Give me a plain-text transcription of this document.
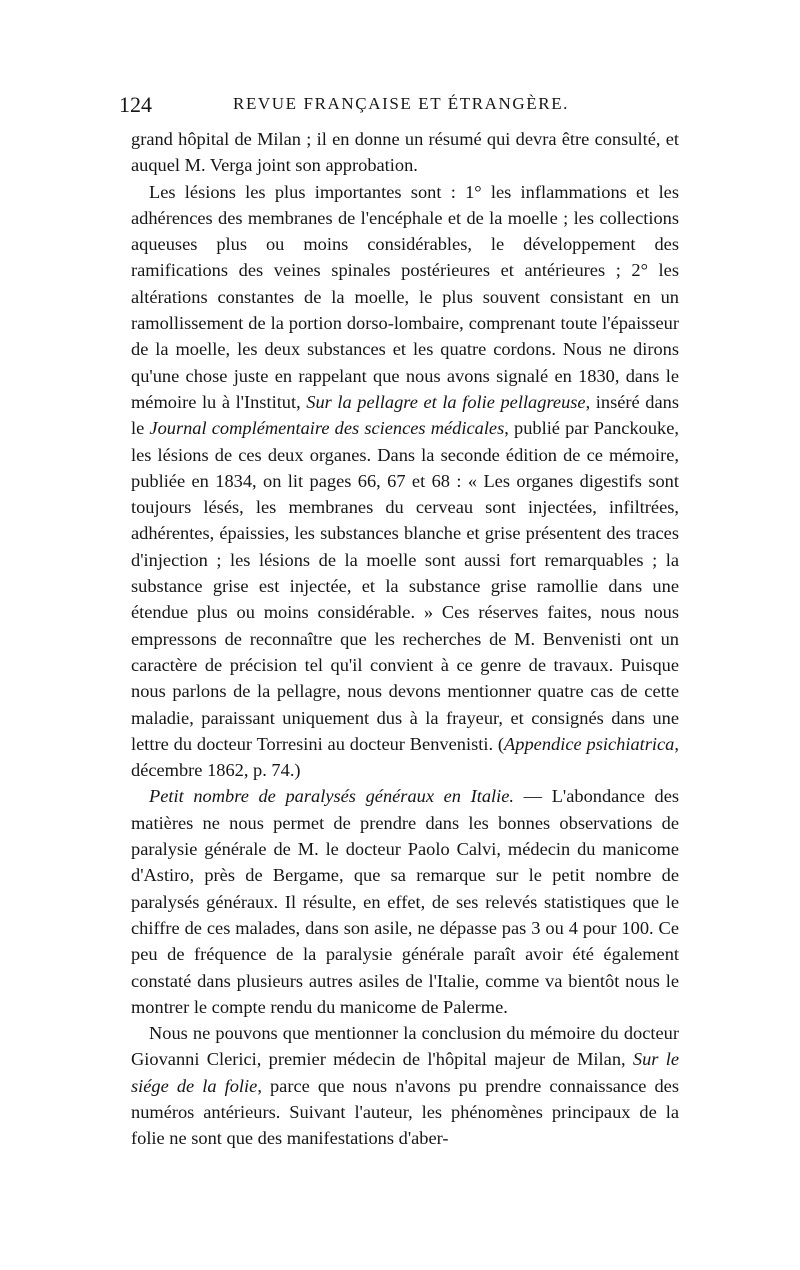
124	REVUE FRANÇAISE ET ÉTRANGÈRE.

grand hôpital de Milan ; il en donne un résumé qui devra être consulté, et auquel M. Verga joint son approbation.

Les lésions les plus importantes sont : 1° les inflammations et les adhérences des membranes de l'encéphale et de la moelle ; les collections aqueuses plus ou moins considérables, le développement des ramifications des veines spinales postérieures et antérieures ; 2° les altérations constantes de la moelle, le plus souvent consistant en un ramollissement de la portion dorso-lombaire, comprenant toute l'épaisseur de la moelle, les deux substances et les quatre cordons. Nous ne dirons qu'une chose juste en rappelant que nous avons signalé en 1830, dans le mémoire lu à l'Institut, Sur la pellagre et la folie pellagreuse, inséré dans le Journal complémentaire des sciences médicales, publié par Panckouke, les lésions de ces deux organes. Dans la seconde édition de ce mémoire, publiée en 1834, on lit pages 66, 67 et 68 : « Les organes digestifs sont toujours lésés, les membranes du cerveau sont injectées, infiltrées, adhérentes, épaissies, les substances blanche et grise présentent des traces d'injection ; les lésions de la moelle sont aussi fort remarquables ; la substance grise est injectée, et la substance grise ramollie dans une étendue plus ou moins considérable. » Ces réserves faites, nous nous empressons de reconnaître que les recherches de M. Benvenisti ont un caractère de précision tel qu'il convient à ce genre de travaux. Puisque nous parlons de la pellagre, nous devons mentionner quatre cas de cette maladie, paraissant uniquement dus à la frayeur, et consignés dans une lettre du docteur Torresini au docteur Benvenisti. (Appendice psichiatrica, décembre 1862, p. 74.)

Petit nombre de paralysés généraux en Italie. — L'abondance des matières ne nous permet de prendre dans les bonnes observations de paralysie générale de M. le docteur Paolo Calvi, médecin du manicome d'Astiro, près de Bergame, que sa remarque sur le petit nombre de paralysés généraux. Il résulte, en effet, de ses relevés statistiques que le chiffre de ces malades, dans son asile, ne dépasse pas 3 ou 4 pour 100. Ce peu de fréquence de la paralysie générale paraît avoir été également constaté dans plusieurs autres asiles de l'Italie, comme va bientôt nous le montrer le compte rendu du manicome de Palerme.

Nous ne pouvons que mentionner la conclusion du mémoire du docteur Giovanni Clerici, premier médecin de l'hôpital majeur de Milan, Sur le siége de la folie, parce que nous n'avons pu prendre connaissance des numéros antérieurs. Suivant l'auteur, les phénomènes principaux de la folie ne sont que des manifestations d'aber-
